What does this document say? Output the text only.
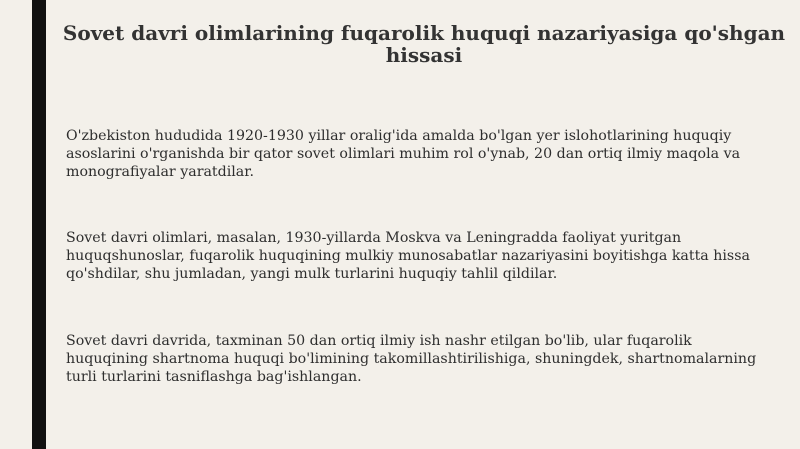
Sovet davri olimlarining fuqarolik huquqi nazariyasiga qo'shgan hissasi

O'zbekiston hududida 1920-1930 yillar oralig'ida amalda bo'lgan yer islohotlarining huquqiy asoslarini o'rganishda bir qator sovet olimlari muhim rol o'ynab, 20 dan ortiq ilmiy maqola va monografiyalar yaratdilar.

Sovet davri olimlari, masalan, 1930-yillarda Moskva va Leningradda faoliyat yuritgan huquqshunoslar, fuqarolik huquqining mulkiy munosabatlar nazariyasini boyitishga katta hissa qo'shdilar, shu jumladan, yangi mulk turlarini huquqiy tahlil qildilar.

Sovet davri davrida, taxminan 50 dan ortiq ilmiy ish nashr etilgan bo'lib, ular fuqarolik huquqining shartnoma huquqi bo'limining takomillashtirilishiga, shuningdek, shartnomalarning turli turlarini tasniflashga bag'ishlangan.
